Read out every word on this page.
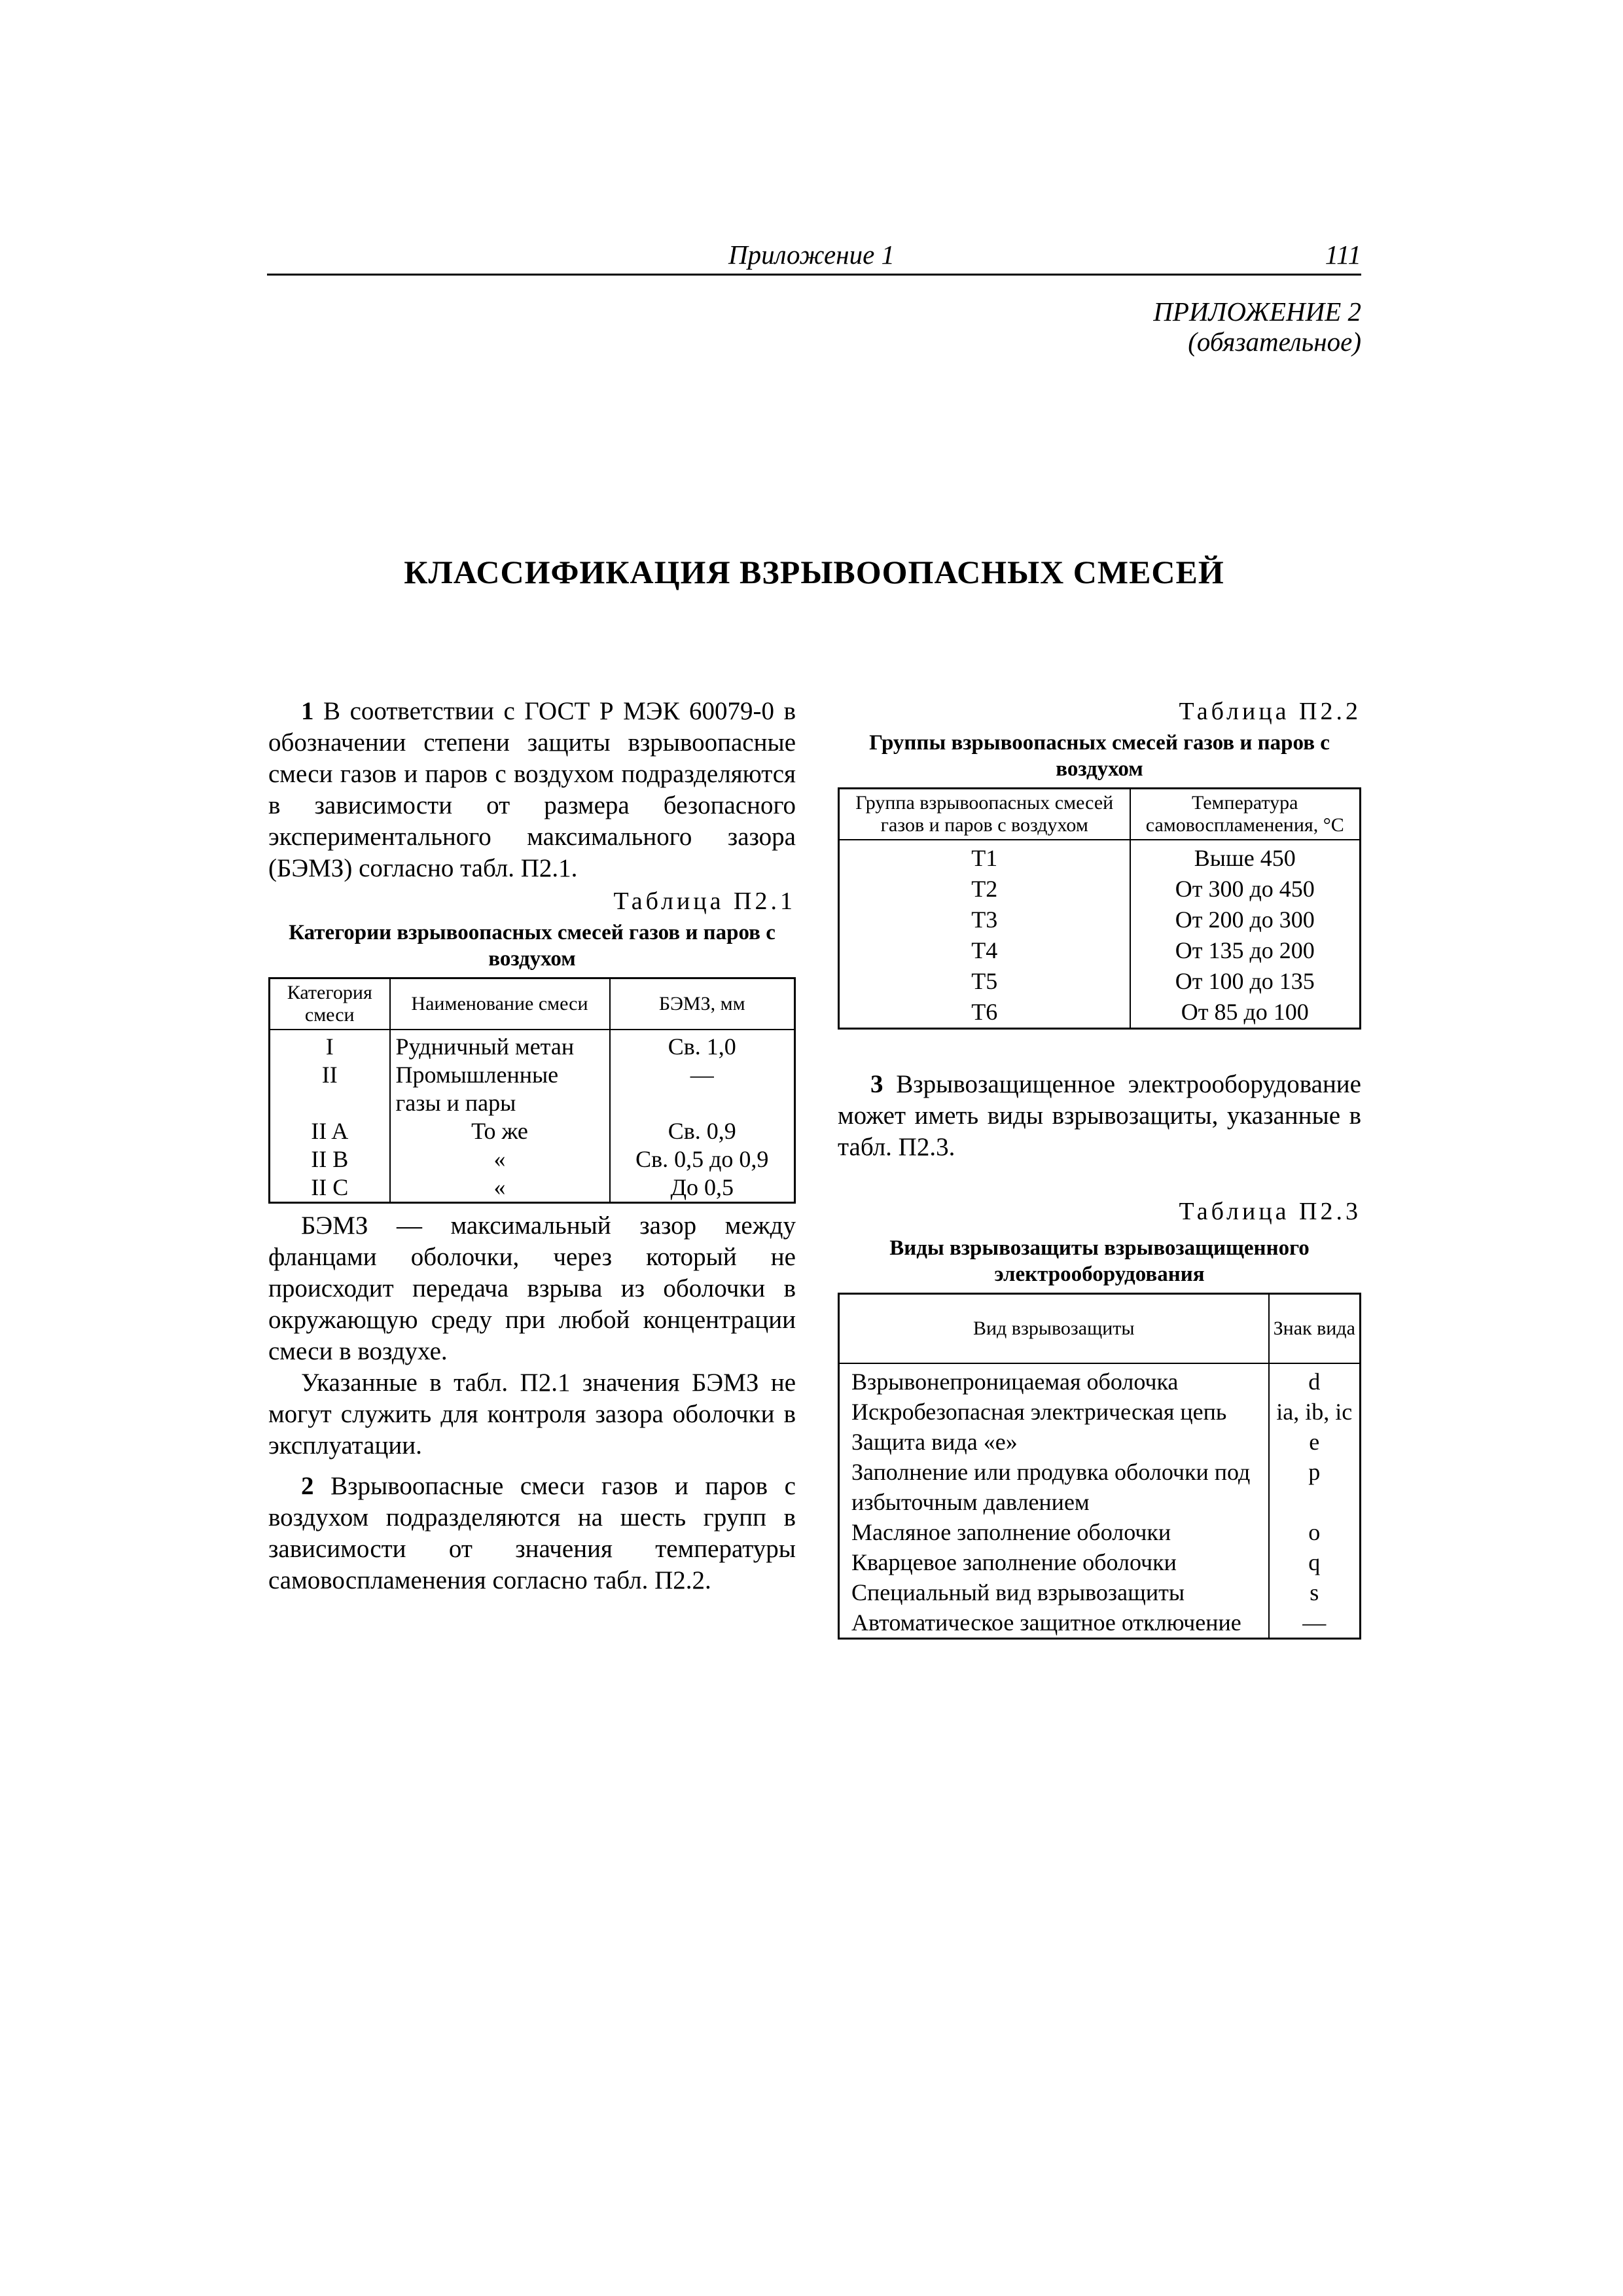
Приложение 1	111
ПРИЛОЖЕНИЕ 2
(обязательное)
КЛАССИФИКАЦИЯ ВЗРЫВООПАСНЫХ СМЕСЕЙ

1 В соответствии с ГОСТ Р МЭК 60079-0 в обозначении степени защиты взрывоопасные смеси газов и паров с воздухом подразделяются в зависимости от размера безопасного экспериментального максимального зазора (БЭМЗ) согласно табл. П2.1.

Таблица П2.1

Категории взрывоопасных смесей газов и паров с воздухом

Категория смеси	Наименование смеси	БЭМЗ, мм
I	Рудничный метан	Св. 1,0
II	Промышленные газы и пары	—
II A	То же	Св. 0,9
II B	«	Св. 0,5 до 0,9
II C	«	До 0,5

БЭМЗ — максимальный зазор между фланцами оболочки, через который не происходит передача взрыва из оболочки в окружающую среду при любой концентрации смеси в воздухе.

Указанные в табл. П2.1 значения БЭМЗ не могут служить для контроля зазора оболочки в эксплуатации.

2 Взрывоопасные смеси газов и паров с воздухом подразделяются на шесть групп в зависимости от значения температуры самовоспламенения согласно табл. П2.2.

Таблица П2.2

Группы взрывоопасных смесей газов и паров с воздухом

Группа взрывоопасных смесей газов и паров с воздухом	Температура самовоспламенения, °С
T1	Выше 450
T2	От 300 до 450
T3	От 200 до 300
T4	От 135 до 200
T5	От 100 до 135
T6	От 85 до 100

3 Взрывозащищенное электрооборудование может иметь виды взрывозащиты, указанные в табл. П2.3.

Таблица П2.3

Виды взрывозащиты взрывозащищенного электрооборудования

Вид взрывозащиты	Знак вида
Взрывонепроницаемая оболочка	d
Искробезопасная электрическая цепь	ia, ib, ic
Защита вида «е»	e
Заполнение или продувка оболочки под избыточным давлением	p
Масляное заполнение оболочки	o
Кварцевое заполнение оболочки	q
Специальный вид взрывозащиты	s
Автоматическое защитное отключение	—
